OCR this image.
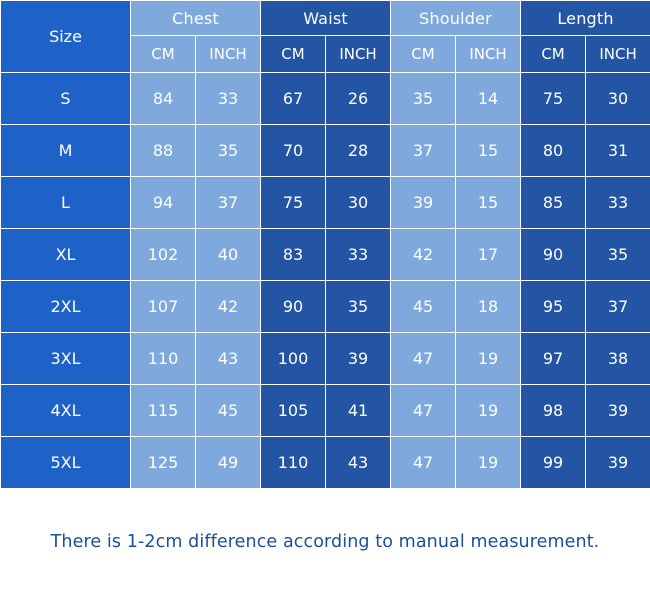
Size	Chest		Waist		Shoulder		Length	
	CM	INCH	CM	INCH	CM	INCH	CM	INCH
S	84	33	67	26	35	14	75	30
M	88	35	70	28	37	15	80	31
L	94	37	75	30	39	15	85	33
XL	102	40	83	33	42	17	90	35
2XL	107	42	90	35	45	18	95	37
3XL	110	43	100	39	47	19	97	38
4XL	115	45	105	41	47	19	98	39
5XL	125	49	110	43	47	19	99	39
There is 1-2cm difference according to manual measurement.
